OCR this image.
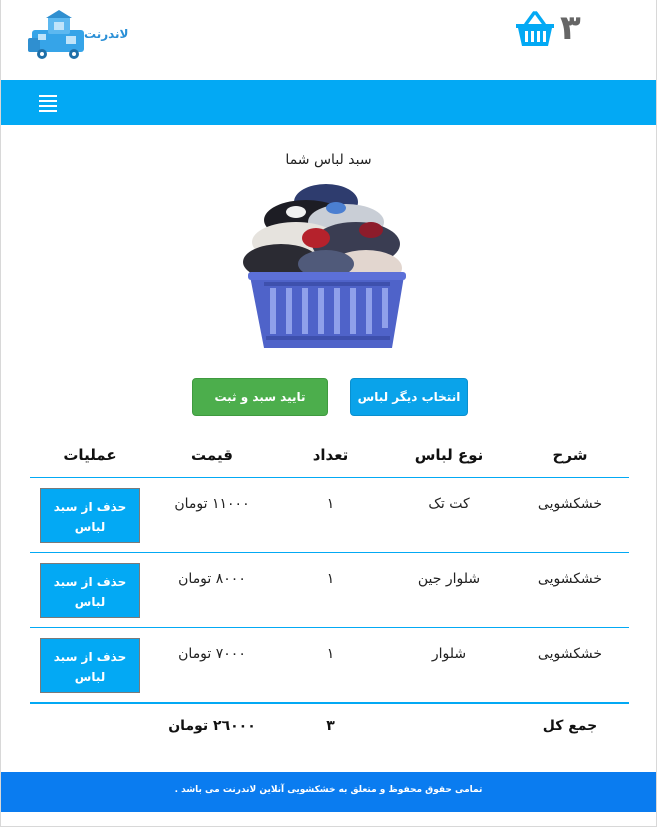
لاندرنت	٣
سبد لباس شما
تایید سبد و ثبت سفارش
انتخاب دیگر لباس ها
شرح
نوع لباس
تعداد
قیمت
عملیات
خشکشویی
کت تک
١
١١٠٠٠ تومان
حذف از سبد لباس
خشکشویی
شلوار جین
١
٨٠٠٠ تومان
حذف از سبد لباس
خشکشویی
شلوار
١
٧٠٠٠ تومان
حذف از سبد لباس
جمع کل
٣
٢٦٠٠٠ تومان
تمامی حقوق محفوظ و متعلق به خشکشویی آنلاین لاندرنت می باشد .
